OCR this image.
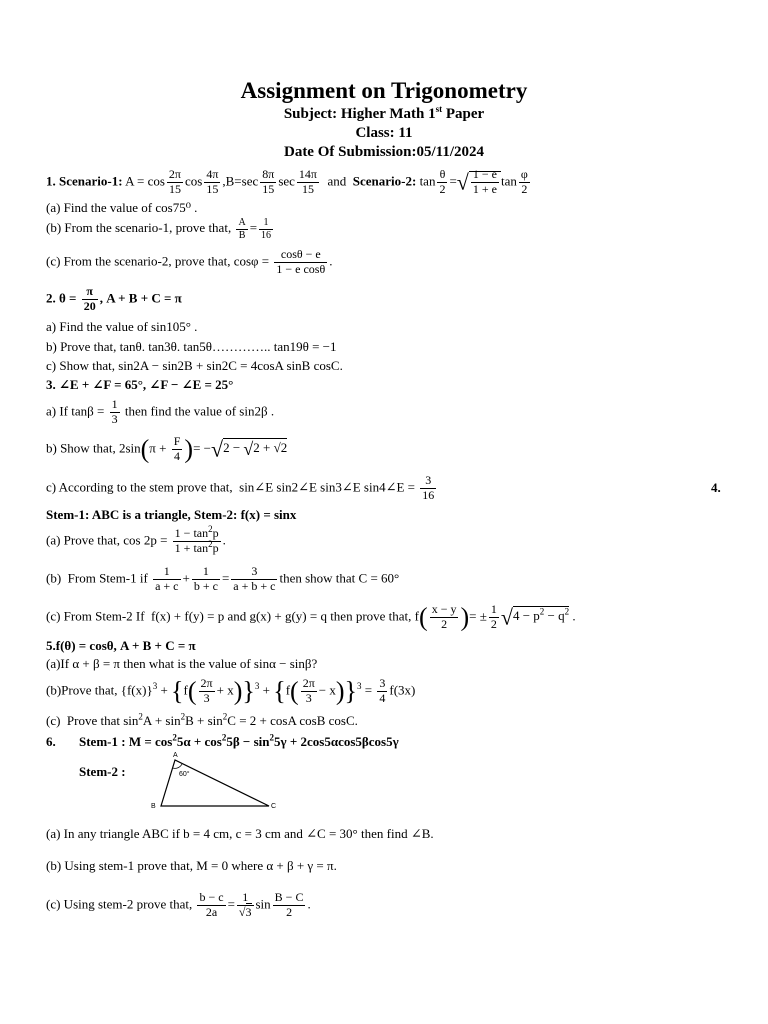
Assignment on Trigonometry
Subject: Higher Math 1st Paper
Class: 11
Date Of Submission:05/11/2024
1. Scenario-1: $A = \cos \frac{2\pi}{15}$ $\cos \frac{4\pi}{15} ,B=\sec \frac{8\pi}{15}$ $\sec \frac{14\pi}{15}$ and  Scenario-2: $\tan \frac{\theta}{2}$ =√ $\frac{1 - e}{1 + e}$ $\tan \frac{\varphi}{2}$
(a) Find the value of cos75⁰ .
(b) From the scenario-1, prove that, $\frac{A}{B} = \frac{1}{16}$
(c) From the scenario-2, prove that, $\cos\varphi = \frac{\cos\theta - e}{\text{1 − e cosθ}}$ .
2. $\theta = \frac{\pi}{20}$ , A + B + C = π
a) Find the value of sin105° .
b) Prove that, tanθ. tan3θ. tan5θ………….. tan19θ = −1
c) Show that, sin2A − sin2B + sin2C = 4cosA sinB cosC.
3. ∠E + ∠F = 65°, ∠F − ∠E = 25°
a) If $\tan\beta = \frac{1}{3}$ then find the value of sin2β .
b) Show that, $2\sin(\pi + \frac{F}{4}$ )= −√2 − √2 + √2
c) According to the stem prove that,  sin∠E sin2∠E sin3∠E sin4∠E = $\frac{3}{16}$	4.
Stem-1: ABC is a triangle, Stem-2: f(x) = sinx
(a) Prove that, $\cos 2p = \frac{1 - \tan^2p}{1 + \tan^2p}$ .
(b)  From Stem-1 if $\frac{1}{a + c} + \frac{1}{b + c} = \frac{3}{a + b + c}$ then show that C = 60°
(c) From Stem-2 If  f(x) + f(y) = p and g(x) + g(y) = q then prove that, $f( \frac{x - y}{2}$ )= ± $\frac{1}{2} √4 - p^2 - q^2$ .
5.f(θ) = cosθ, A + B + C = π
(a)If α + β = π then what is the value of sinα − sinβ?
(b)Prove that, $\{f(x)\}^3 + \{f( \frac{2\pi}{3} + x)\}^3 + \{f( \frac{2\pi}{3} - x)\}^3 = \frac{3}{4} f(3x)$
(c)  Prove that $\sin^2A + \sin^2B + \sin^2C = 2 + \cos A$ cosB cosC.
6. Stem-1 : $M = \cos^25\alpha + \cos^25\beta - \sin^25\gamma + 2\cos 5\alpha\cos 5\beta\cos 5\gamma$
Stem-2 :
A
B	C
60°
(a) In any triangle ABC if b = 4 cm, c = 3 cm and ∠C = 30° then find ∠B.
(b) Using stem-1 prove that, M = 0 where α + β + γ = π.
(c) Using stem-2 prove that, $\frac{b - c}{2a} = \frac{1}{√3}$ $\sin \frac{B - C}{2}$ .
